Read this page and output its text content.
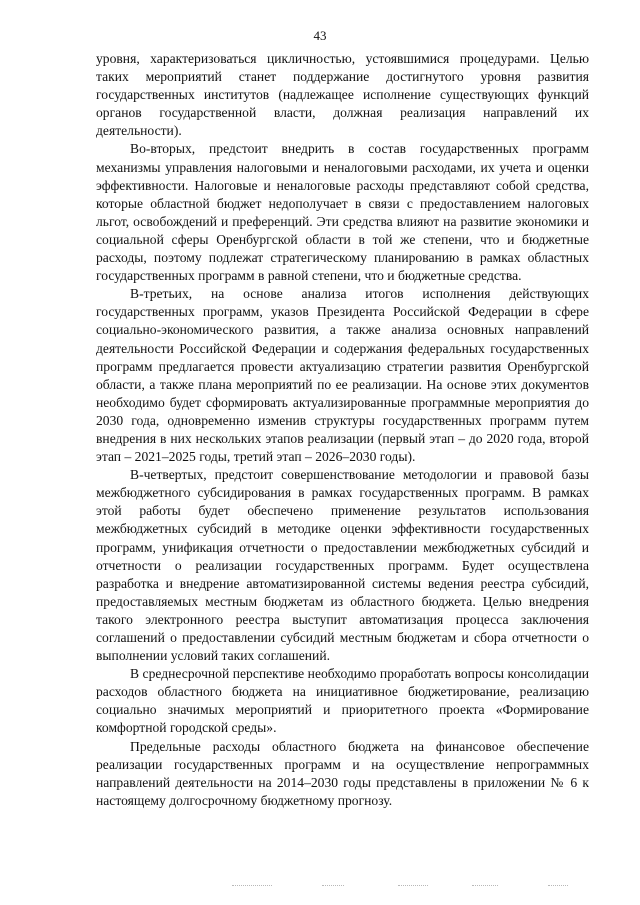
43

уровня, характеризоваться цикличностью, устоявшимися процедурами. Целью таких мероприятий станет поддержание достигнутого уровня развития государственных институтов (надлежащее исполнение существующих функций органов государственной власти, должная реализация направлений их деятельности).

Во-вторых, предстоит внедрить в состав государственных программ механизмы управления налоговыми и неналоговыми расходами, их учета и оценки эффективности. Налоговые и неналоговые расходы представляют собой средства, которые областной бюджет недополучает в связи с предоставлением налоговых льгот, освобождений и преференций. Эти средства влияют на развитие экономики и социальной сферы Оренбургской области в той же степени, что и бюджетные расходы, поэтому подлежат стратегическому планированию в рамках областных государственных программ в равной степени, что и бюджетные средства.

В-третьих, на основе анализа итогов исполнения действующих государственных программ, указов Президента Российской Федерации в сфере социально-экономического развития, а также анализа основных направлений деятельности Российской Федерации и содержания федеральных государственных программ предлагается провести актуализацию стратегии развития Оренбургской области, а также плана мероприятий по ее реализации. На основе этих документов необходимо будет сформировать актуализированные программные мероприятия до 2030 года, одновременно изменив структуры государственных программ путем внедрения в них нескольких этапов реализации (первый этап – до 2020 года, второй этап – 2021–2025 годы, третий этап – 2026–2030 годы).

В-четвертых, предстоит совершенствование методологии и правовой базы межбюджетного субсидирования в рамках государственных программ. В рамках этой работы будет обеспечено применение результатов использования межбюджетных субсидий в методике оценки эффективности государственных программ, унификация отчетности о предоставлении межбюджетных субсидий и отчетности о реализации государственных программ. Будет осуществлена разработка и внедрение автоматизированной системы ведения реестра субсидий, предоставляемых местным бюджетам из областного бюджета. Целью внедрения такого электронного реестра выступит автоматизация процесса заключения соглашений о предоставлении субсидий местным бюджетам и сбора отчетности о выполнении условий таких соглашений.

В среднесрочной перспективе необходимо проработать вопросы консолидации расходов областного бюджета на инициативное бюджетирование, реализацию социально значимых мероприятий и приоритетного проекта «Формирование комфортной городской среды».

Предельные расходы областного бюджета на финансовое обеспечение реализации государственных программ и на осуществление непрограммных направлений деятельности на 2014–2030 годы представлены в приложении № 6 к настоящему долгосрочному бюджетному прогнозу.
